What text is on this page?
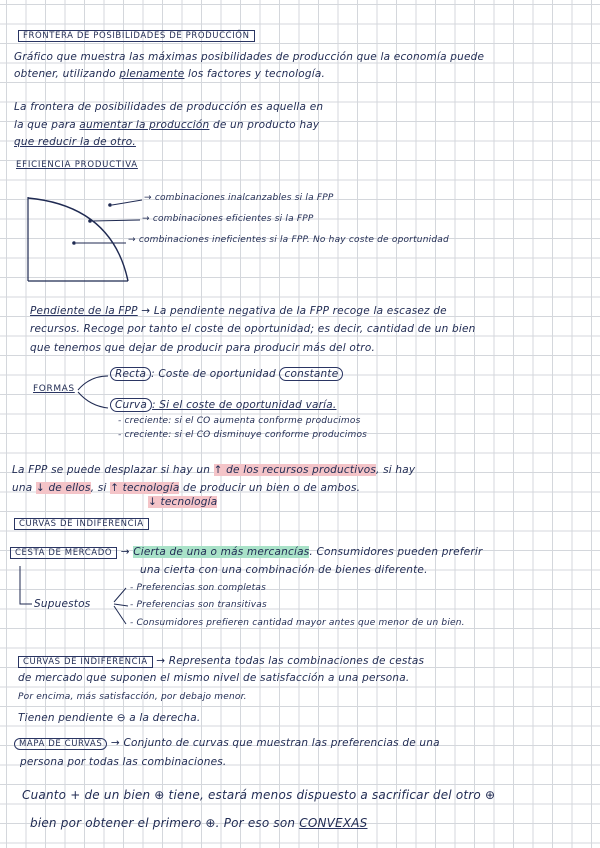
FRONTERA DE POSIBILIDADES DE PRODUCCIÓN
Gráfico que muestra las máximas posibilidades de producción que la economía puede
obtener, utilizando plenamente los factores y tecnología.
La frontera de posibilidades de producción es aquella en
la que para aumentar la producción de un producto hay
que reducir la de otro.
EFICIENCIA PRODUCTIVA
→ combinaciones inalcanzables si la FPP
→ combinaciones eficientes si la FPP
→ combinaciones ineficientes si la FPP. No hay coste de oportunidad
Pendiente de la FPP → La pendiente negativa de la FPP recoge la escasez de
recursos. Recoge por tanto el coste de oportunidad; es decir, cantidad de un bien
que tenemos que dejar de producir para producir más del otro.
FORMAS
Recta : Coste de oportunidad constante
Curva : Si el coste de oportunidad varía.
- creciente: si el CO aumenta conforme producimos
- creciente: si el CO disminuye conforme producimos
La FPP se puede desplazar si hay un ↑ de los recursos productivos, si hay
una ↓ de ellos, si ↑ tecnología de producir un bien o de ambos.
↓ tecnología
CURVAS DE INDIFERENCIA
CESTA DE MERCADO → Cierta de una o más mercancías. Consumidores pueden preferir
una cierta con una combinación de bienes diferente.
Supuestos
- Preferencias son completas
- Preferencias son transitivas
- Consumidores prefieren cantidad mayor antes que menor de un bien.
CURVAS DE INDIFERENCIA → Representa todas las combinaciones de cestas
de mercado que suponen el mismo nivel de satisfacción a una persona.
Por encima, más satisfacción, por debajo menor.
Tienen pendiente ⊖ a la derecha.
MAPA DE CURVAS → Conjunto de curvas que muestran las preferencias de una
persona por todas las combinaciones.
Cuanto + de un bien ⊕ tiene, estará menos dispuesto a sacrificar del otro ⊕
bien por obtener el primero ⊕. Por eso son CONVEXAS
